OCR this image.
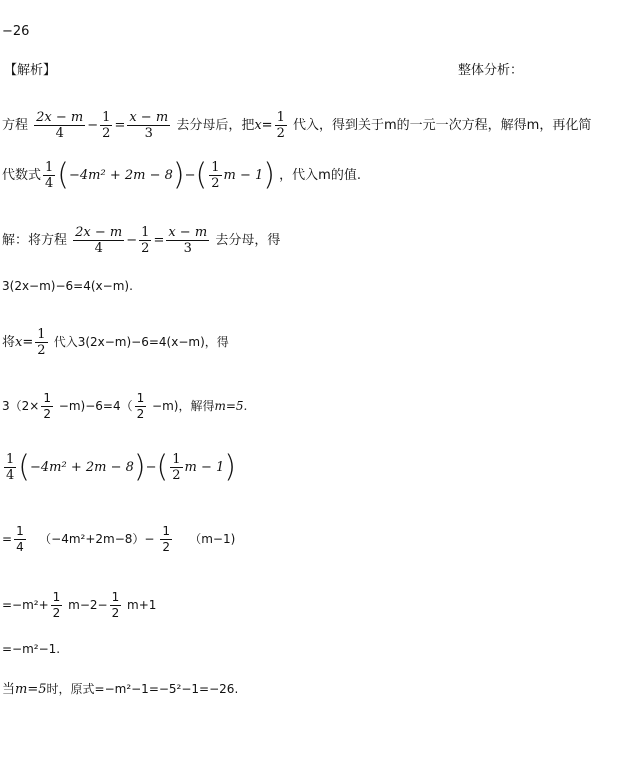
−26
【解析】	整体分析：
方程 $\frac{2x - m}{4} - \frac{1}{2} = \frac{x - m}{3}$ 去分母后，把$x= \frac{1}{2}$ 代入，得到关于m的一元一次方程，解得m，再化简
代数式 $\frac{1}{4} (-4m^2 + 2m - 8)-( \frac{1}{2}$ m − 1) ，代入m的值.
解：将方程 $\frac{2x - m}{4} - \frac{1}{2} = \frac{x - m}{3}$ 去分母，得
3(2x−m)−6=4(x−m).
将$x= \frac{1}{2}$ 代入3(2x−m)−6=4(x−m)，得
$3(2\times \frac{1}{2} -m)-6=4( \frac{1}{2} -m)$，解得m=5.
$\frac{1}{4} (-4m^2 + 2m - 8)-( \frac{1}{2}$ m − 1)
= $\frac{1}{4} (-4m^2+2m-8)- \frac{1}{2} (m-1)$
$=-m^2+ \frac{1}{2} m-2- \frac{1}{2} m+1$
=−m²−1.
当m=5时，原式=−m²−1=−5²−1=−26.
